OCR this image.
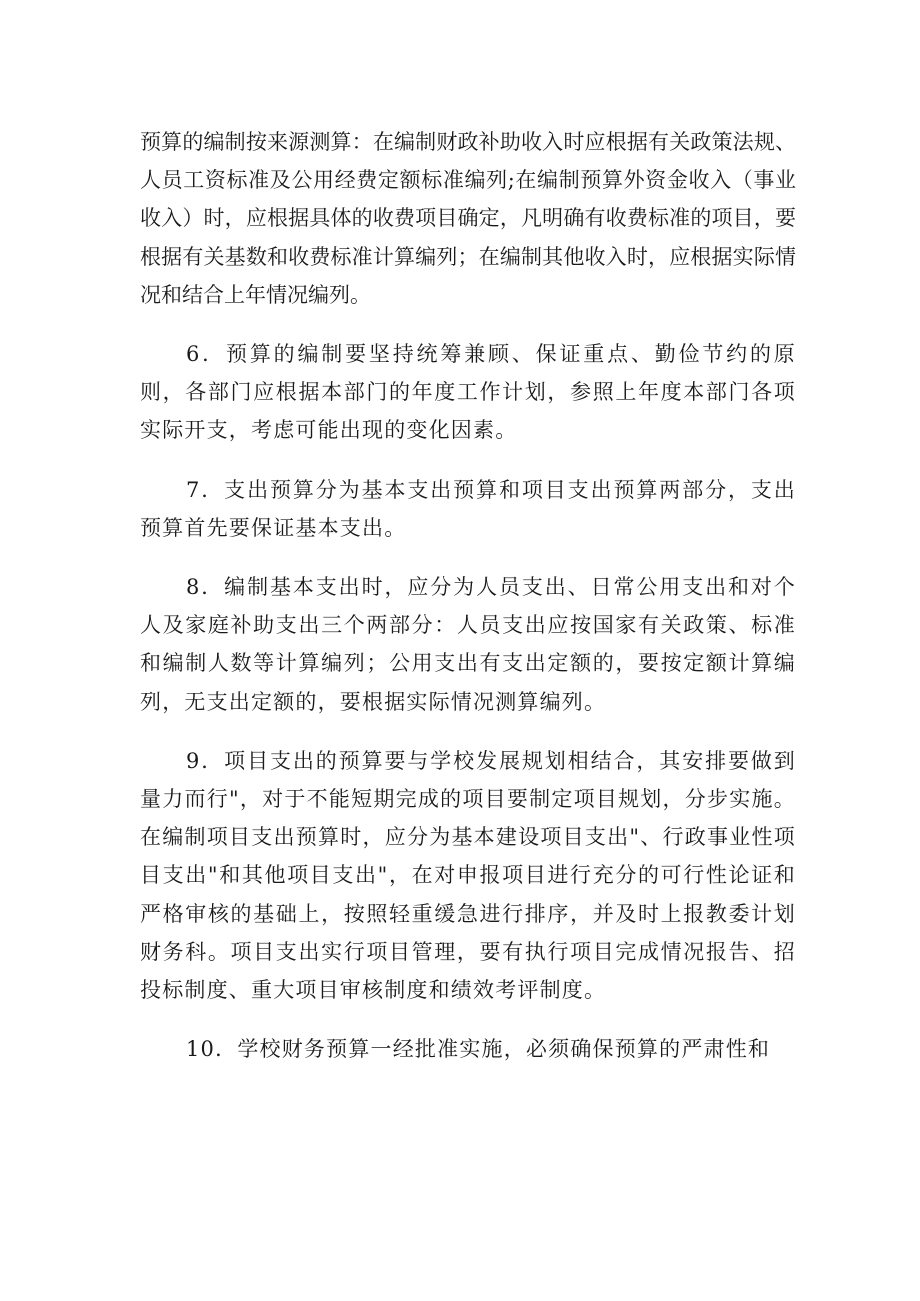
预算的编制按来源测算：在编制财政补助收入时应根据有关政策法规、人员工资标准及公用经费定额标准编列;在编制预算外资金收入（事业收入）时，应根据具体的收费项目确定，凡明确有收费标准的项目，要根据有关基数和收费标准计算编列；在编制其他收入时，应根据实际情况和结合上年情况编列。

6．预算的编制要坚持统筹兼顾、保证重点、勤俭节约的原则，各部门应根据本部门的年度工作计划，参照上年度本部门各项实际开支，考虑可能出现的变化因素。

7．支出预算分为基本支出预算和项目支出预算两部分，支出预算首先要保证基本支出。

8．编制基本支出时，应分为人员支出、日常公用支出和对个人及家庭补助支出三个两部分：人员支出应按国家有关政策、标准和编制人数等计算编列；公用支出有支出定额的，要按定额计算编列，无支出定额的，要根据实际情况测算编列。

9．项目支出的预算要与学校发展规划相结合，其安排要做到量力而行"，对于不能短期完成的项目要制定项目规划，分步实施。在编制项目支出预算时，应分为基本建设项目支出"、行政事业性项目支出"和其他项目支出"，在对申报项目进行充分的可行性论证和严格审核的基础上，按照轻重缓急进行排序，并及时上报教委计划财务科。项目支出实行项目管理，要有执行项目完成情况报告、招投标制度、重大项目审核制度和绩效考评制度。

10．学校财务预算一经批准实施，必须确保预算的严肃性和
